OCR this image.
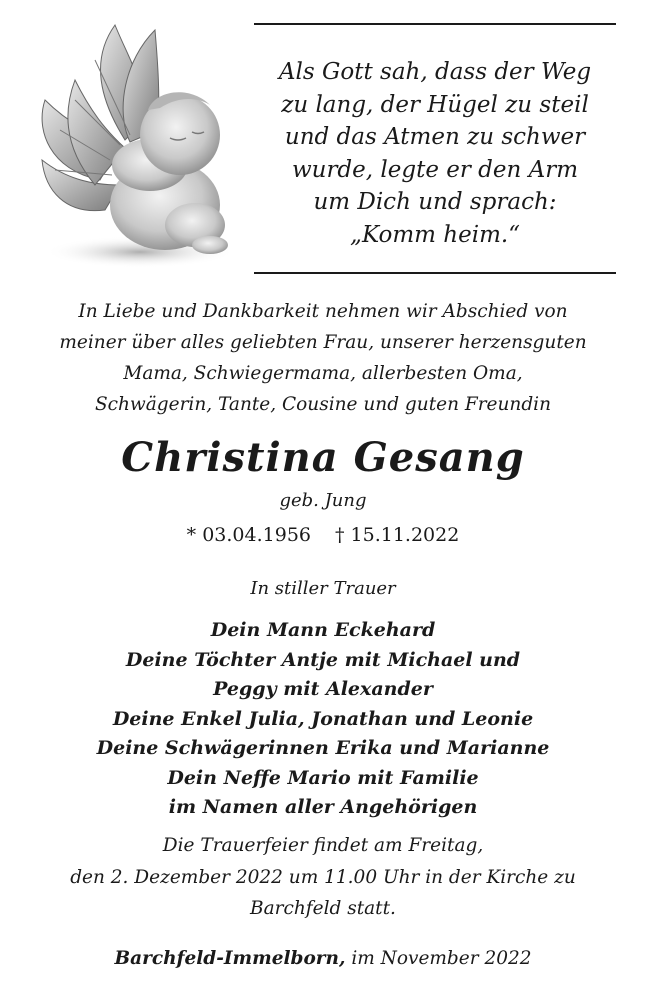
Als Gott sah, dass der Weg
zu lang, der Hügel zu steil
und das Atmen zu schwer
wurde, legte er den Arm
um Dich und sprach:
„Komm heim.“
In Liebe und Dankbarkeit nehmen wir Abschied von
meiner über alles geliebten Frau, unserer herzensguten
Mama, Schwiegermama, allerbesten Oma,
Schwägerin, Tante, Cousine und guten Freundin
Christina Gesang
geb. Jung
* 03.04.1956 † 15.11.2022
In stiller Trauer
Dein Mann Eckehard
Deine Töchter Antje mit Michael und
Peggy mit Alexander
Deine Enkel Julia, Jonathan und Leonie
Deine Schwägerinnen Erika und Marianne
Dein Neffe Mario mit Familie
im Namen aller Angehörigen
Die Trauerfeier findet am Freitag,
den 2. Dezember 2022 um 11.00 Uhr in der Kirche zu
Barchfeld statt.
Barchfeld-Immelborn, im November 2022
